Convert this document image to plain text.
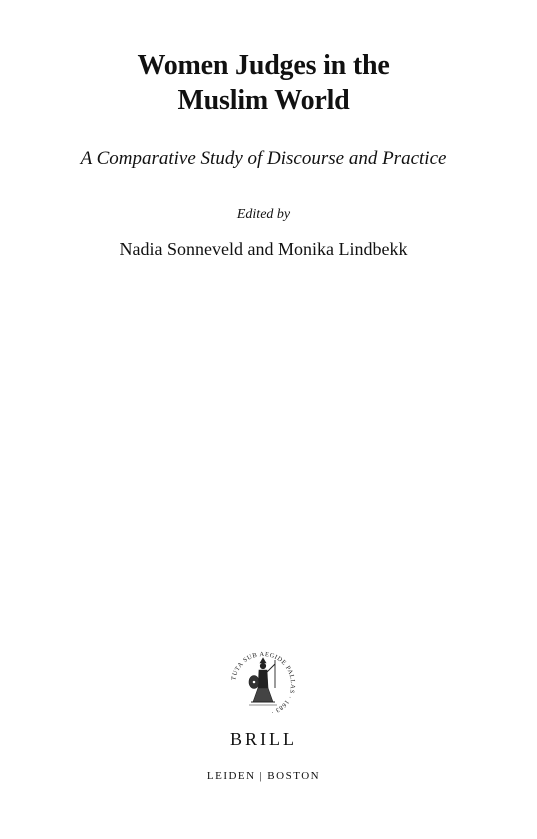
Women Judges in the
Muslim World
A Comparative Study of Discourse and Practice
Edited by
Nadia Sonneveld and Monika Lindbekk
TUTA SUB AEGIDE PALLAS · 1683 ·
BRILL
LEIDEN | BOSTON
